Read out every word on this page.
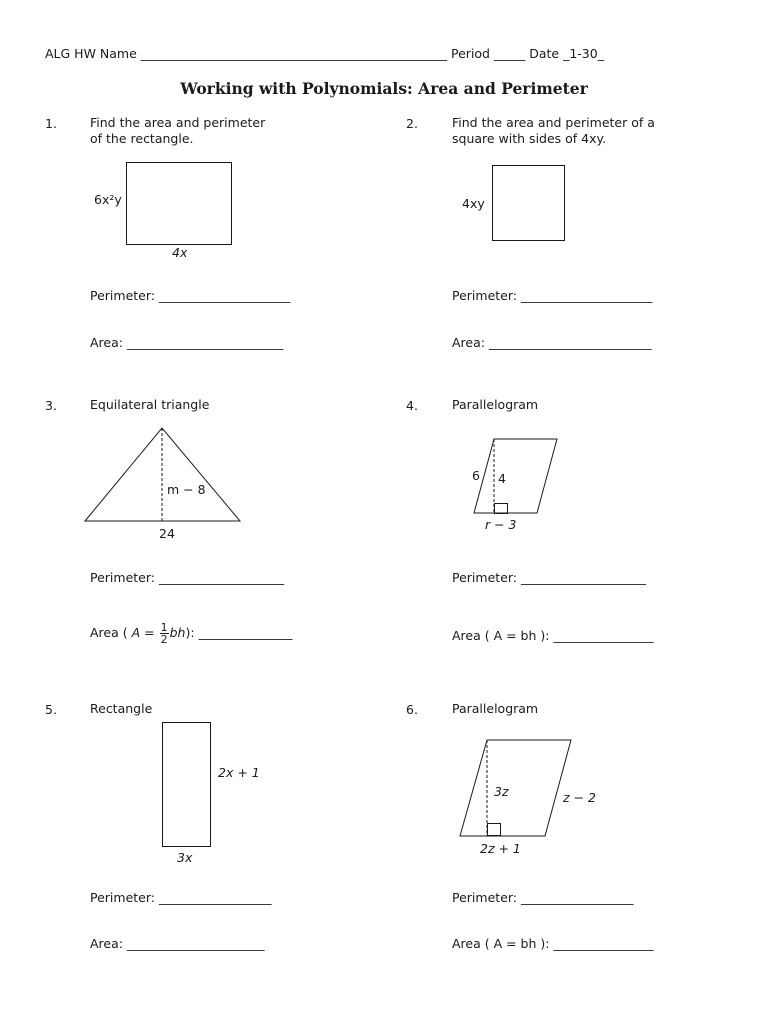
ALG HW Name _________________________________________________ Period _____ Date _1-30_
Working with Polynomials: Area and Perimeter
1.	Find the area and perimeter
of the rectangle.
6x²y
4x
Perimeter: _____________________
Area: _________________________
2.	Find the area and perimeter of a
square with sides of 4xy.
4xy
Perimeter: _____________________
Area: __________________________
3.	Equilateral triangle
m − 8
24
Perimeter: ____________________
Area ( $A = \frac{1}{2} bh$): _______________
4.	Parallelogram
6 4
r − 3
Perimeter: ____________________
Area ( A = bh ): ________________
5.	Rectangle
2x + 1
3x
Perimeter: __________________
Area: ______________________
6.	Parallelogram
3z	z − 2
2z + 1
Perimeter: __________________
Area ( A = bh ): ________________
